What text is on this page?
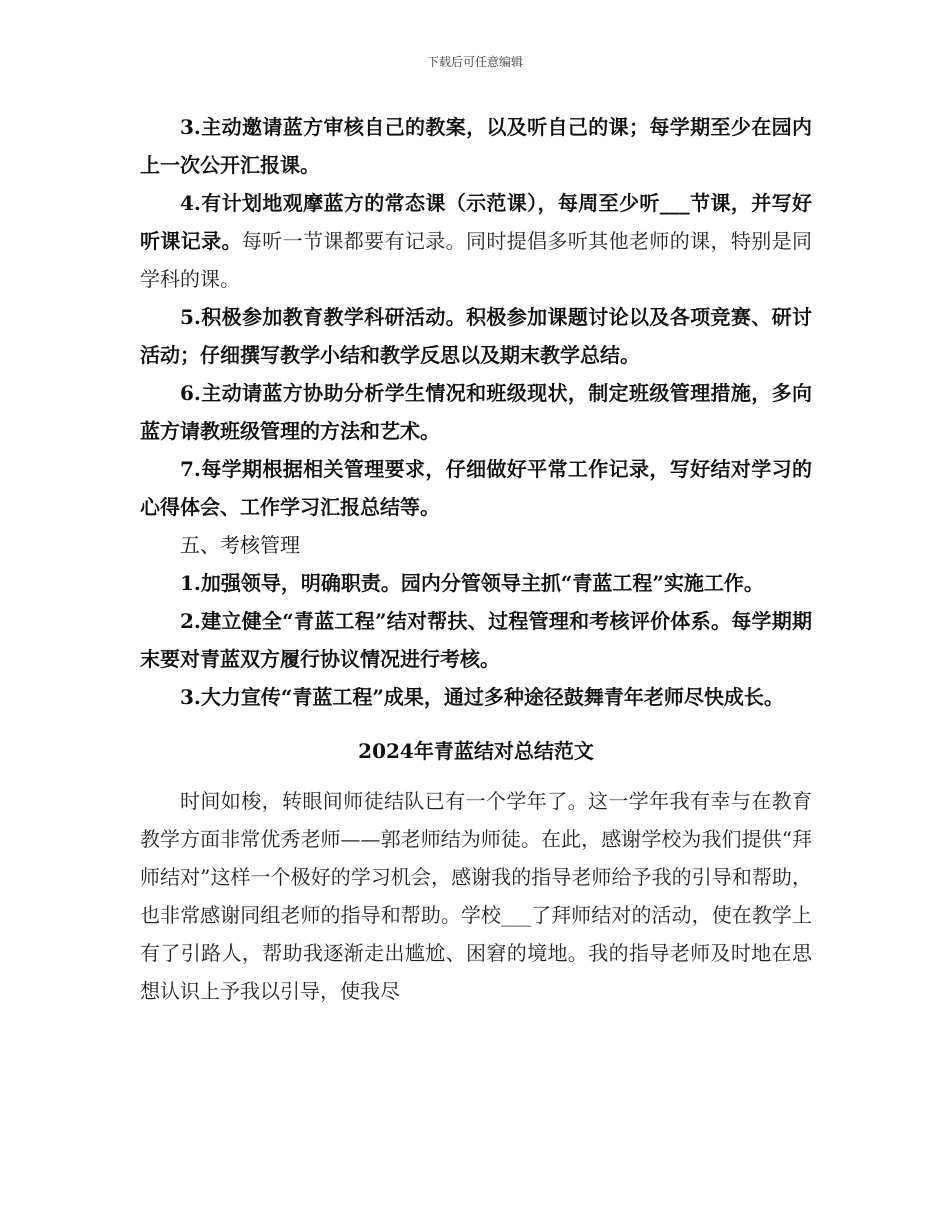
下载后可任意编辑

3.主动邀请蓝方审核自己的教案，以及听自己的课；每学期至少在园内上一次公开汇报课。

4.有计划地观摩蓝方的常态课（示范课），每周至少听___节课，并写好听课记录。每听一节课都要有记录。同时提倡多听其他老师的课，特别是同学科的课。

5.积极参加教育教学科研活动。积极参加课题讨论以及各项竞赛、研讨活动；仔细撰写教学小结和教学反思以及期末教学总结。

6.主动请蓝方协助分析学生情况和班级现状，制定班级管理措施，多向蓝方请教班级管理的方法和艺术。

7.每学期根据相关管理要求，仔细做好平常工作记录，写好结对学习的心得体会、工作学习汇报总结等。

五、考核管理

1.加强领导，明确职责。园内分管领导主抓“青蓝工程”实施工作。

2.建立健全“青蓝工程”结对帮扶、过程管理和考核评价体系。每学期期末要对青蓝双方履行协议情况进行考核。

3.大力宣传“青蓝工程”成果，通过多种途径鼓舞青年老师尽快成长。

2024年青蓝结对总结范文

时间如梭，转眼间师徒结队已有一个学年了。这一学年我有幸与在教育教学方面非常优秀老师——郭老师结为师徒。在此，感谢学校为我们提供“拜师结对”这样一个极好的学习机会，感谢我的指导老师给予我的引导和帮助，也非常感谢同组老师的指导和帮助。学校___了拜师结对的活动，使在教学上有了引路人，帮助我逐渐走出尴尬、困窘的境地。我的指导老师及时地在思想认识上予我以引导，使我尽
